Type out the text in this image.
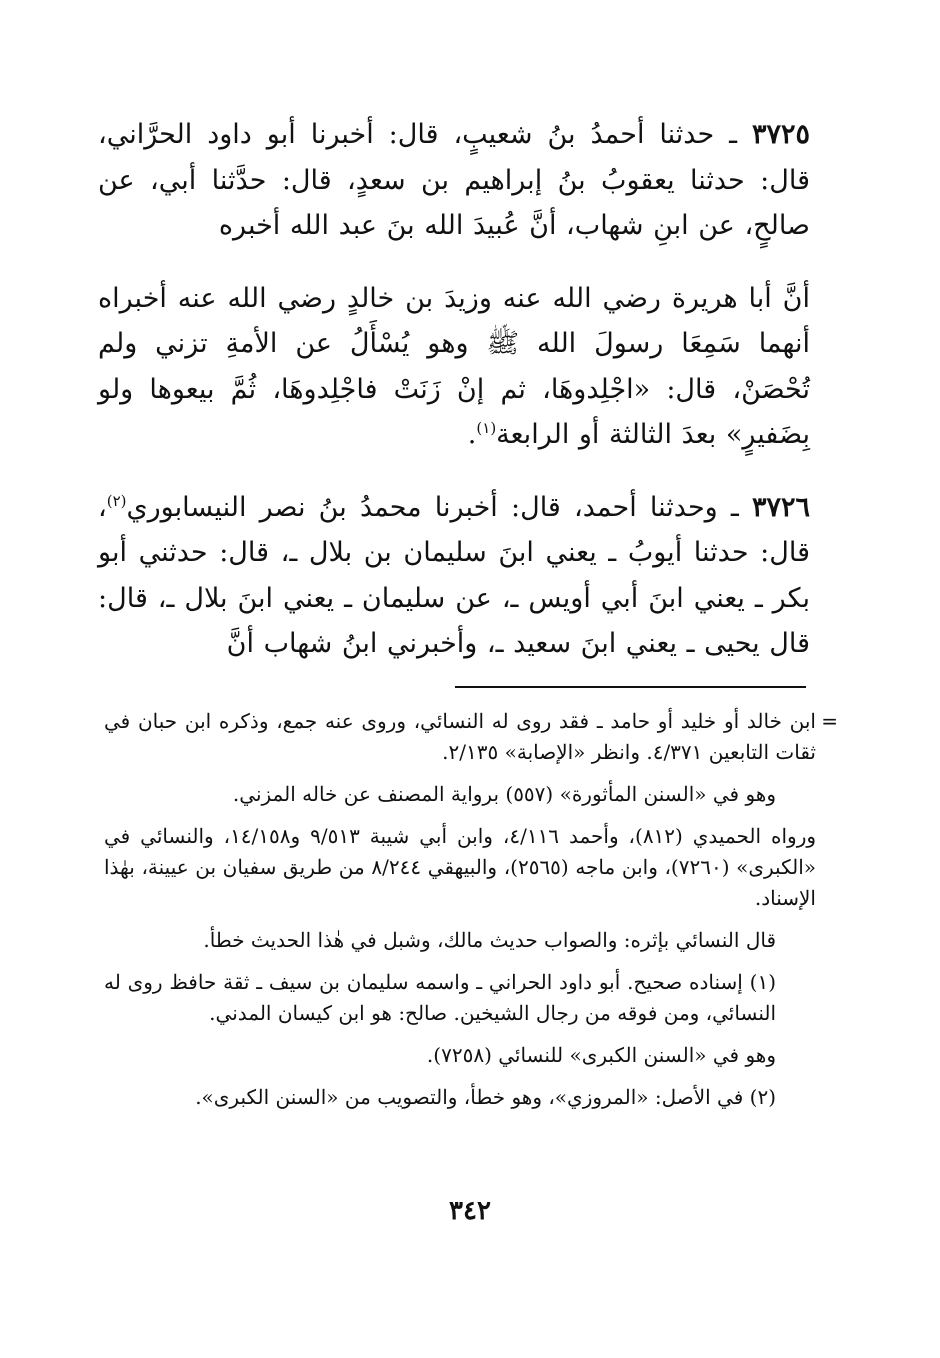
٣٧٢٥ ـ حدثنا أحمدُ بنُ شعيبٍ، قال: أخبرنا أبو داود الحرَّاني، قال: حدثنا يعقوبُ بنُ إبراهيم بن سعدٍ، قال: حدَّثنا أبي، عن صالحٍ، عن ابنِ شهاب، أنَّ عُبيدَ الله بنَ عبد الله أخبره

أنَّ أبا هريرة رضي الله عنه وزيدَ بن خالدٍ رضي الله عنه أخبراه أنهما سَمِعَا رسولَ الله ﷺ وهو يُسْأَلُ عن الأمةِ تزني ولم تُحْصَنْ، قال: «اجْلِدوهَا، ثم إنْ زَنَتْ فاجْلِدوهَا، ثُمَّ بيعوها ولو بِضَفيرٍ» بعدَ الثالثة أو الرابعة$^{(١)}$.

٣٧٢٦ ـ وحدثنا أحمد، قال: أخبرنا محمدُ بنُ نصر النيسابوري$^{(٢)}$، قال: حدثنا أيوبُ ـ يعني ابنَ سليمان بن بلال ـ، قال: حدثني أبو بكر ـ يعني ابنَ أبي أويس ـ، عن سليمان ـ يعني ابنَ بلال ـ، قال: قال يحيى ـ يعني ابنَ سعيد ـ، وأخبرني ابنُ شهاب أنَّ

=
ابن خالد أو خليد أو حامد ـ فقد روى له النسائي، وروى عنه جمع، وذكره ابن حبان في ثقات التابعين ٤/٣٧١. وانظر «الإصابة» ٢/١٣٥.

وهو في «السنن المأثورة» (٥٥٧) برواية المصنف عن خاله المزني.

ورواه الحميدي (٨١٢)، وأحمد ٤/١١٦، وابن أبي شيبة ٩/٥١٣ و١٤/١٥٨، والنسائي في «الكبرى» (٧٢٦٠)، وابن ماجه (٢٥٦٥)، والبيهقي ٨/٢٤٤ من طريق سفيان بن عيينة، بهٰذا الإسناد.

قال النسائي بإثره: والصواب حديث مالك، وشبل في هٰذا الحديث خطأ.

(١) إسناده صحيح. أبو داود الحراني ـ واسمه سليمان بن سيف ـ ثقة حافظ روى له النسائي، ومن فوقه من رجال الشيخين. صالح: هو ابن كيسان المدني.

وهو في «السنن الكبرى» للنسائي (٧٢٥٨).

(٢) في الأصل: «المروزي»، وهو خطأ، والتصويب من «السنن الكبرى».

٣٤٢
